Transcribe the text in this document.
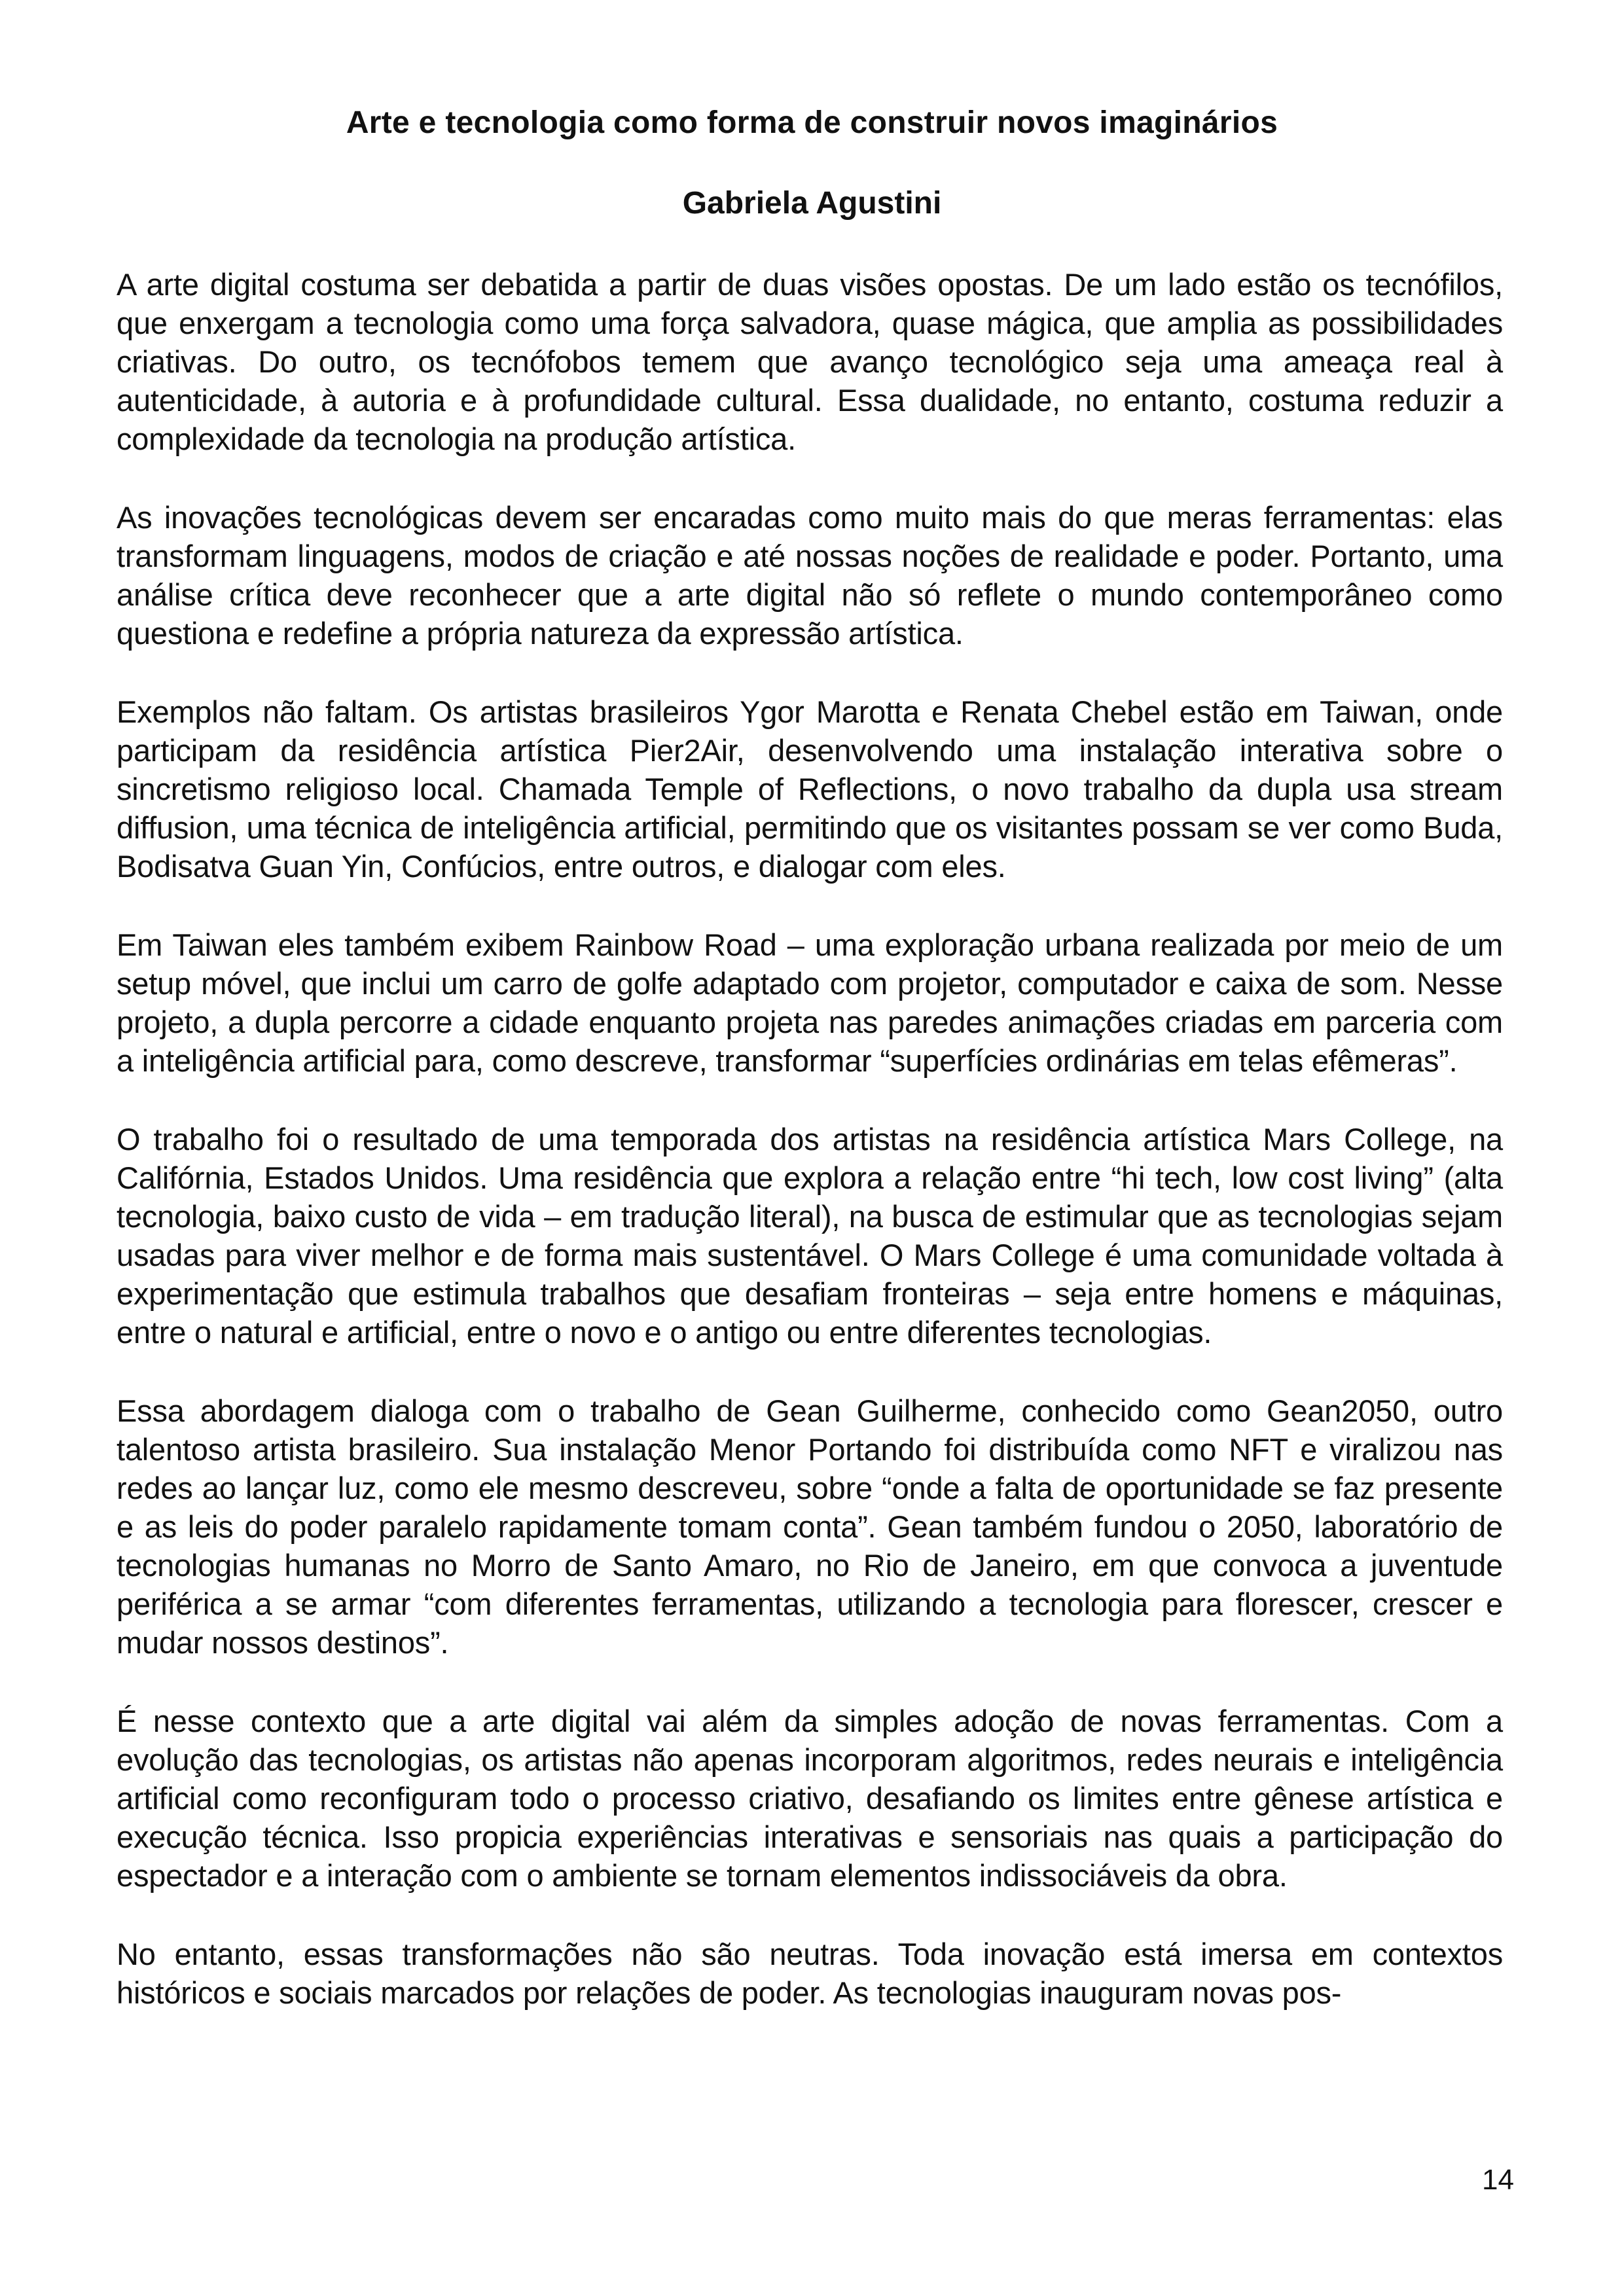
Arte e tecnologia como forma de construir novos imaginários
Gabriela Agustini

A arte digital costuma ser debatida a partir de duas visões opostas. De um lado estão os tecnófilos, que enxergam a tecnologia como uma força salvadora, quase mágica, que amplia as possibilidades criativas. Do outro, os tecnófobos temem que avanço tecnológico seja uma ameaça real à autenticidade, à autoria e à profundidade cultural. Essa dualidade, no entanto, costuma reduzir a complexidade da tecnologia na produção artística.

As inovações tecnológicas devem ser encaradas como muito mais do que meras ferramentas: elas transformam linguagens, modos de criação e até nossas noções de realidade e poder. Portanto, uma análise crítica deve reconhecer que a arte digital não só reflete o mundo contemporâneo como questiona e redefine a própria natureza da expressão artística.

Exemplos não faltam. Os artistas brasileiros Ygor Marotta e Renata Chebel estão em Taiwan, onde participam da residência artística Pier2Air, desenvolvendo uma instalação interativa sobre o sincretismo religioso local. Chamada Temple of Reflections, o novo trabalho da dupla usa stream diffusion, uma técnica de inteligência artificial, permitindo que os visitantes possam se ver como Buda, Bodisatva Guan Yin, Confúcios, entre outros, e dialogar com eles.

Em Taiwan eles também exibem Rainbow Road – uma exploração urbana realizada por meio de um setup móvel, que inclui um carro de golfe adaptado com projetor, computador e caixa de som. Nesse projeto, a dupla percorre a cidade enquanto projeta nas paredes animações criadas em parceria com a inteligência artificial para, como descreve, transformar “superfícies ordinárias em telas efêmeras”.

O trabalho foi o resultado de uma temporada dos artistas na residência artística Mars College, na Califórnia, Estados Unidos. Uma residência que explora a relação entre “hi tech, low cost living” (alta tecnologia, baixo custo de vida – em tradução literal), na busca de estimular que as tecnologias sejam usadas para viver melhor e de forma mais sustentável. O Mars College é uma comunidade voltada à experimentação que estimula trabalhos que desafiam fronteiras – seja entre homens e máquinas, entre o natural e artificial, entre o novo e o antigo ou entre diferentes tecnologias.

Essa abordagem dialoga com o trabalho de Gean Guilherme, conhecido como Gean2050, outro talentoso artista brasileiro. Sua instalação Menor Portando foi distribuída como NFT e viralizou nas redes ao lançar luz, como ele mesmo descreveu, sobre “onde a falta de oportunidade se faz presente e as leis do poder paralelo rapidamente tomam conta”. Gean também fundou o 2050, laboratório de tecnologias humanas no Morro de Santo Amaro, no Rio de Janeiro, em que convoca a juventude periférica a se armar “com diferentes ferramentas, utilizando a tecnologia para florescer, crescer e mudar nossos destinos”.

É nesse contexto que a arte digital vai além da simples adoção de novas ferramentas. Com a evolução das tecnologias, os artistas não apenas incorporam algoritmos, redes neurais e inteligência artificial como reconfiguram todo o processo criativo, desafiando os limites entre gênese artística e execução técnica. Isso propicia experiências interativas e sensoriais nas quais a participação do espectador e a interação com o ambiente se tornam elementos indissociáveis da obra.

No entanto, essas transformações não são neutras. Toda inovação está imersa em contextos históricos e sociais marcados por relações de poder. As tecnologias inauguram novas pos-

14
